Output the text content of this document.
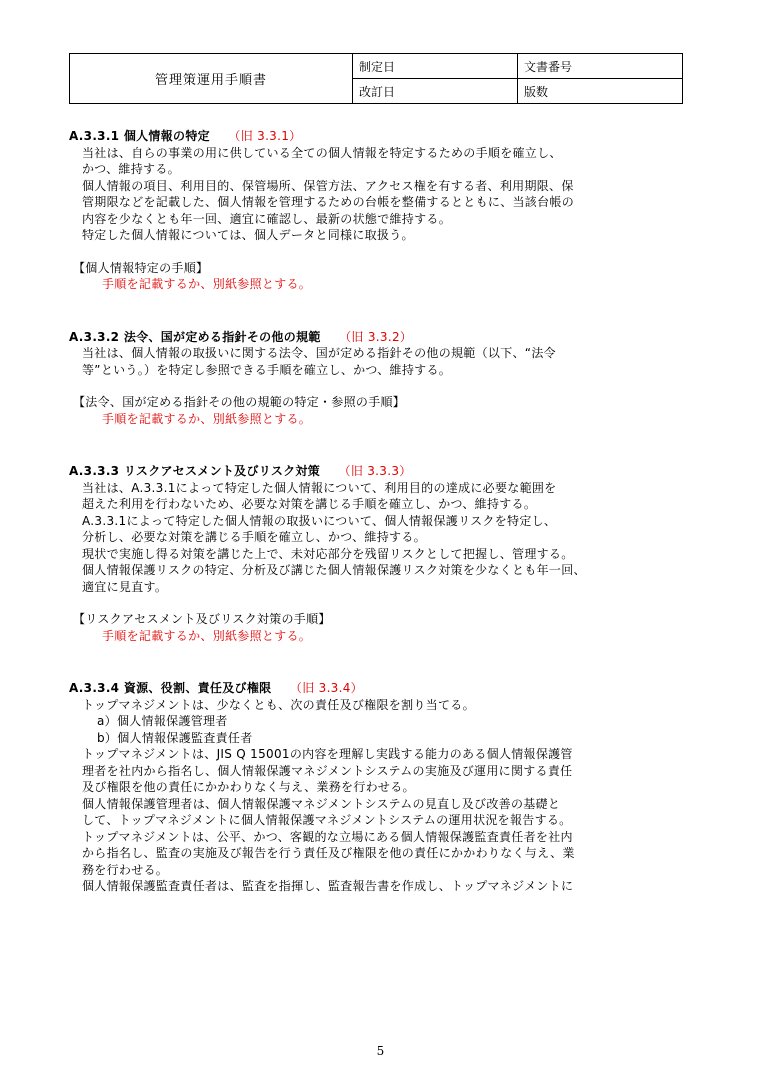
管理策運用手順書	制定日	文書番号
	改訂日	版数
A.3.3.1 個人情報の特定 （旧 3.3.1）

当社は、自らの事業の用に供している全ての個人情報を特定するための手順を確立し、

かつ、維持する。

個人情報の項目、利用目的、保管場所、保管方法、アクセス権を有する者、利用期限、保

管期限などを記載した、個人情報を管理するための台帳を整備するとともに、当該台帳の

内容を少なくとも年一回、適宜に確認し、最新の状態で維持する。

特定した個人情報については、個人データと同様に取扱う。

【個人情報特定の手順】
手順を記載するか、別紙参照とする。
A.3.3.2 法令、国が定める指針その他の規範 （旧 3.3.2）

当社は、個人情報の取扱いに関する法令、国が定める指針その他の規範（以下、“法令

等”という。）を特定し参照できる手順を確立し、かつ、維持する。

【法令、国が定める指針その他の規範の特定・参照の手順】
手順を記載するか、別紙参照とする。
A.3.3.3 リスクアセスメント及びリスク対策 （旧 3.3.3）

当社は、A.3.3.1によって特定した個人情報について、利用目的の達成に必要な範囲を

超えた利用を行わないため、必要な対策を講じる手順を確立し、かつ、維持する。

A.3.3.1によって特定した個人情報の取扱いについて、個人情報保護リスクを特定し、

分析し、必要な対策を講じる手順を確立し、かつ、維持する。

現状で実施し得る対策を講じた上で、未対応部分を残留リスクとして把握し、管理する。

個人情報保護リスクの特定、分析及び講じた個人情報保護リスク対策を少なくとも年一回、

適宜に見直す。

【リスクアセスメント及びリスク対策の手順】
手順を記載するか、別紙参照とする。
A.3.3.4 資源、役割、責任及び権限 （旧 3.3.4）

トップマネジメントは、少なくとも、次の責任及び権限を割り当てる。

a）個人情報保護管理者
b）個人情報保護監査責任者

トップマネジメントは、JIS Q 15001の内容を理解し実践する能力のある個人情報保護管

理者を社内から指名し、個人情報保護マネジメントシステムの実施及び運用に関する責任

及び権限を他の責任にかかわりなく与え、業務を行わせる。

個人情報保護管理者は、個人情報保護マネジメントシステムの見直し及び改善の基礎と

して、トップマネジメントに個人情報保護マネジメントシステムの運用状況を報告する。

トップマネジメントは、公平、かつ、客観的な立場にある個人情報保護監査責任者を社内

から指名し、監査の実施及び報告を行う責任及び権限を他の責任にかかわりなく与え、業

務を行わせる。

個人情報保護監査責任者は、監査を指揮し、監査報告書を作成し、トップマネジメントに

5
